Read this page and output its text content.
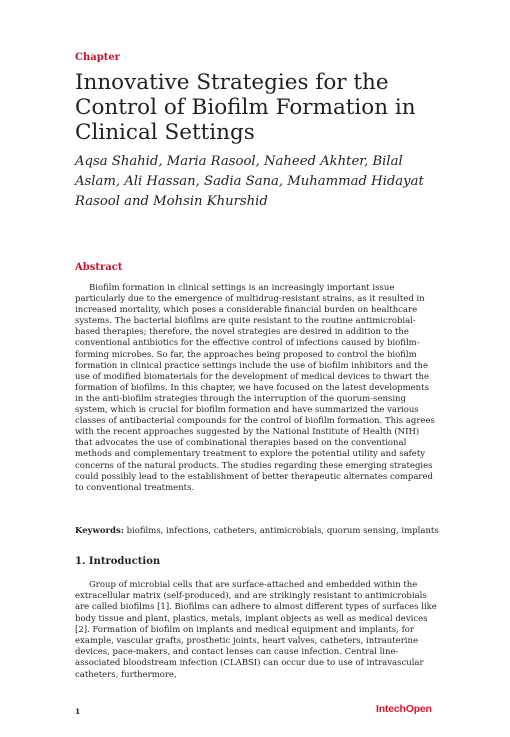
Chapter
Innovative Strategies for the Control of Biofilm Formation in Clinical Settings

Aqsa Shahid, Maria Rasool, Naheed Akhter, Bilal Aslam, Ali Hassan, Sadia Sana, Muhammad Hidayat Rasool and Mohsin Khurshid

Abstract

Biofilm formation in clinical settings is an increasingly important issue particularly due to the emergence of multidrug-resistant strains, as it resulted in increased mortality, which poses a considerable financial burden on healthcare systems. The bacterial biofilms are quite resistant to the routine antimicrobial-based therapies; therefore, the novel strategies are desired in addition to the conventional antibiotics for the effective control of infections caused by biofilm-forming microbes. So far, the approaches being proposed to control the biofilm formation in clinical practice settings include the use of biofilm inhibitors and the use of modified biomaterials for the development of medical devices to thwart the formation of biofilms. In this chapter, we have focused on the latest developments in the anti-biofilm strategies through the interruption of the quorum-sensing system, which is crucial for biofilm formation and have summarized the various classes of antibacterial compounds for the control of biofilm formation. This agrees with the recent approaches suggested by the National Institute of Health (NIH) that advocates the use of combinational therapies based on the conventional methods and complementary treatment to explore the potential utility and safety concerns of the natural products. The studies regarding these emerging strategies could possibly lead to the establishment of better therapeutic alternates compared to conventional treatments.

Keywords: biofilms, infections, catheters, antimicrobials, quorum sensing, implants

1. Introduction

Group of microbial cells that are surface-attached and embedded within the extracellular matrix (self-produced), and are strikingly resistant to antimicrobials are called biofilms [1]. Biofilms can adhere to almost different types of surfaces like body tissue and plant, plastics, metals, implant objects as well as medical devices [2]. Formation of biofilm on implants and medical equipment and implants, for example, vascular grafts, prosthetic joints, heart valves, catheters, intrauterine devices, pace-makers, and contact lenses can cause infection. Central line-associated bloodstream infection (CLABSI) can occur due to use of intravascular catheters, furthermore,

1	IntechOpen
